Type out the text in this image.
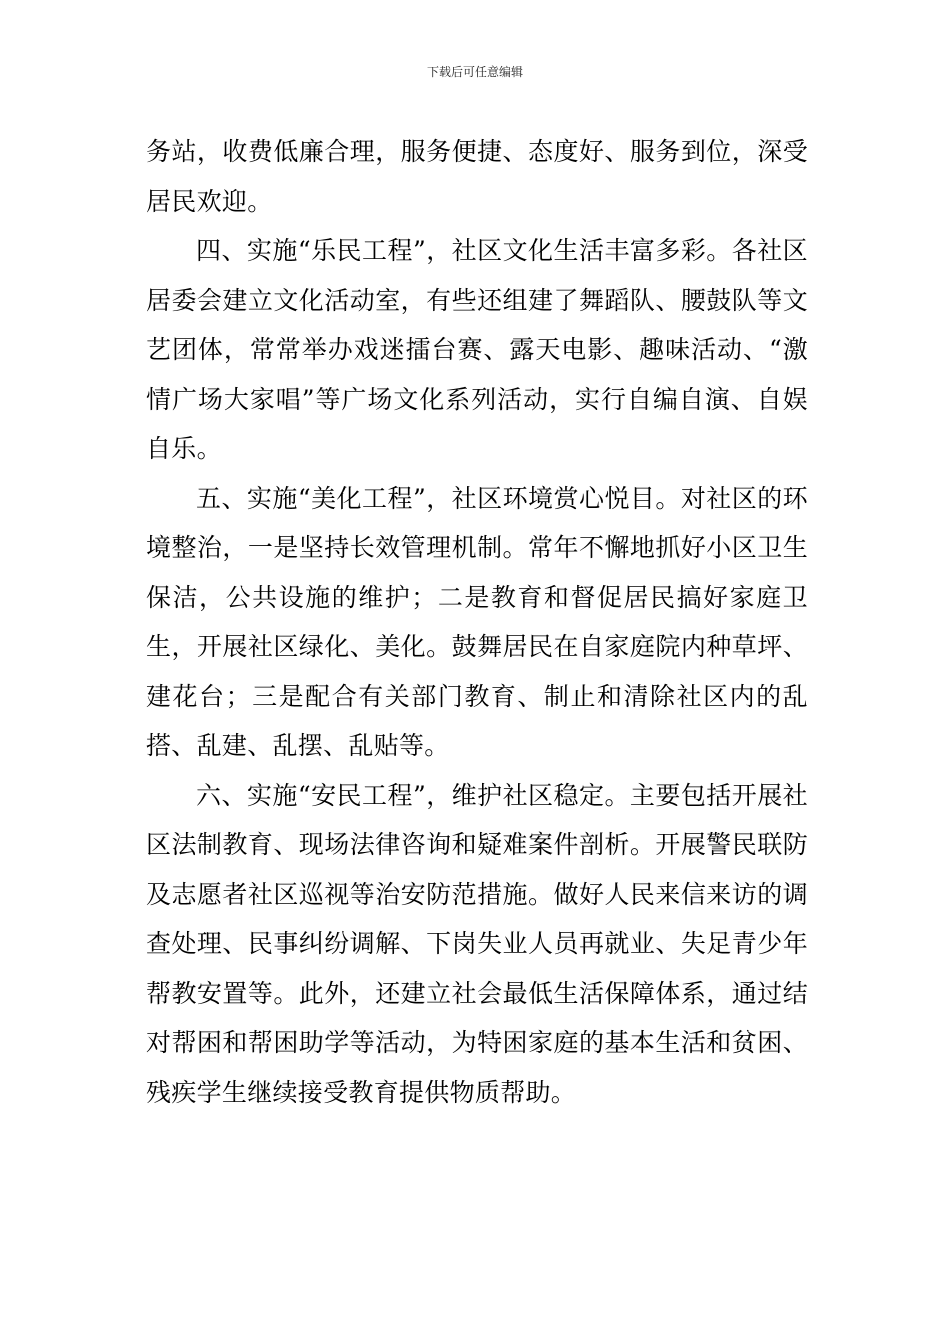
下载后可任意编辑

务站，收费低廉合理，服务便捷、态度好、服务到位，深受居民欢迎。

四、实施“乐民工程”，社区文化生活丰富多彩。各社区居委会建立文化活动室，有些还组建了舞蹈队、腰鼓队等文艺团体，常常举办戏迷擂台赛、露天电影、趣味活动、“激情广场大家唱”等广场文化系列活动，实行自编自演、自娱自乐。

五、实施“美化工程”，社区环境赏心悦目。对社区的环境整治，一是坚持长效管理机制。常年不懈地抓好小区卫生保洁，公共设施的维护；二是教育和督促居民搞好家庭卫生，开展社区绿化、美化。鼓舞居民在自家庭院内种草坪、建花台；三是配合有关部门教育、制止和清除社区内的乱搭、乱建、乱摆、乱贴等。

六、实施“安民工程”，维护社区稳定。主要包括开展社区法制教育、现场法律咨询和疑难案件剖析。开展警民联防及志愿者社区巡视等治安防范措施。做好人民来信来访的调查处理、民事纠纷调解、下岗失业人员再就业、失足青少年帮教安置等。此外，还建立社会最低生活保障体系，通过结对帮困和帮困助学等活动，为特困家庭的基本生活和贫困、残疾学生继续接受教育提供物质帮助。
